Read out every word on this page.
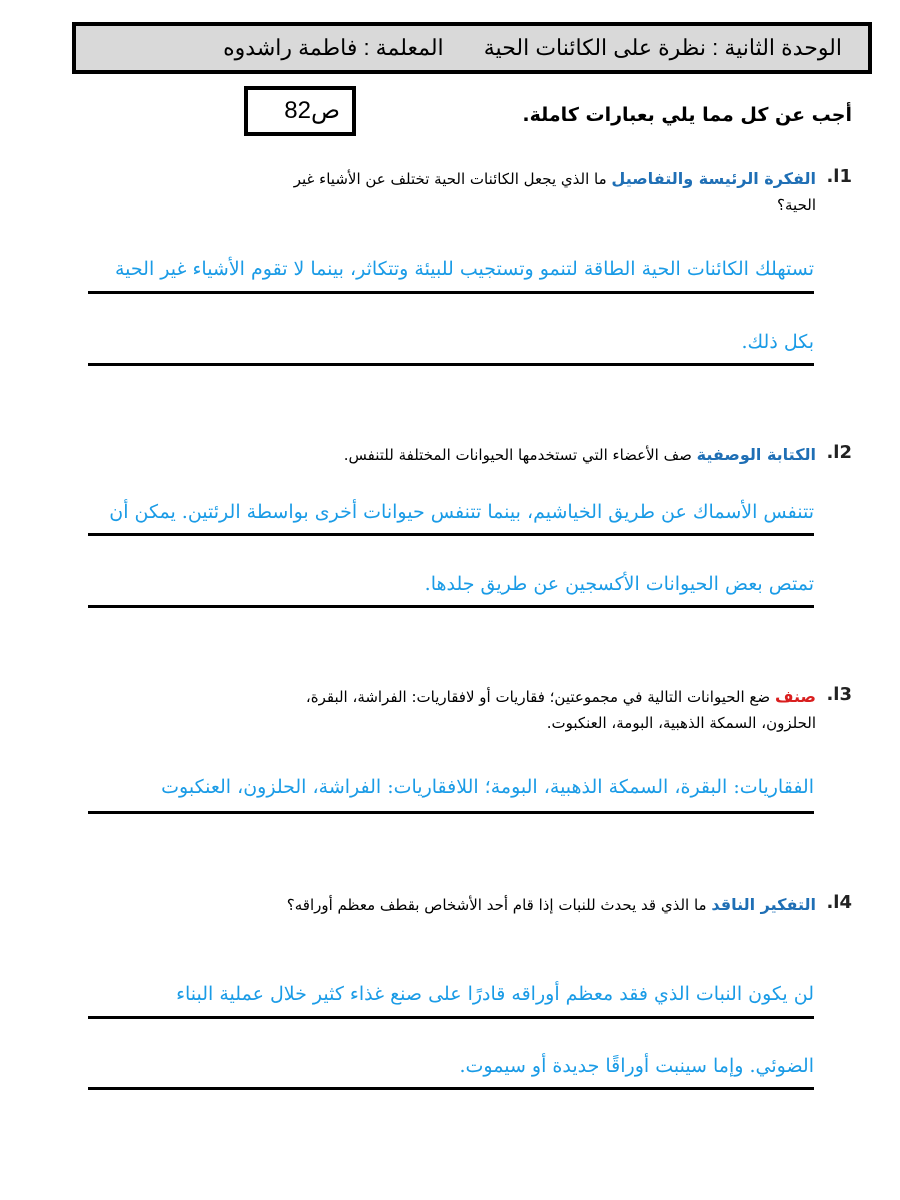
الوحدة الثانية : نظرة على الكائنات الحية المعلمة : فاطمة راشدوه
ص82	أجب عن كل مما يلي بعبارات كاملة.
.l1
الفكرة الرئيسة والتفاصيل ما الذي يجعل الكائنات الحية تختلف عن الأشياء غير الحية؟
تستهلك الكائنات الحية الطاقة لتنمو وتستجيب للبيئة وتتكاثر، بينما لا تقوم الأشياء غير الحية
بكل ذلك.
.l2
الكتابة الوصفية صف الأعضاء التي تستخدمها الحيوانات المختلفة للتنفس.
تتنفس الأسماك عن طريق الخياشيم، بينما تتنفس حيوانات أخرى بواسطة الرئتين. يمكن أن
تمتص بعض الحيوانات الأكسجين عن طريق جلدها.
.l3
صنف ضع الحيوانات التالية في مجموعتين؛ فقاريات أو لافقاريات: الفراشة، البقرة، الحلزون، السمكة الذهبية، البومة، العنكبوت.
الفقاريات: البقرة، السمكة الذهبية، البومة؛ اللافقاريات: الفراشة، الحلزون، العنكبوت
.l4
التفكير الناقد ما الذي قد يحدث للنبات إذا قام أحد الأشخاص بقطف معظم أوراقه؟
لن يكون النبات الذي فقد معظم أوراقه قادرًا على صنع غذاء كثير خلال عملية البناء
الضوئي. وإما سينبت أوراقًا جديدة أو سيموت.
